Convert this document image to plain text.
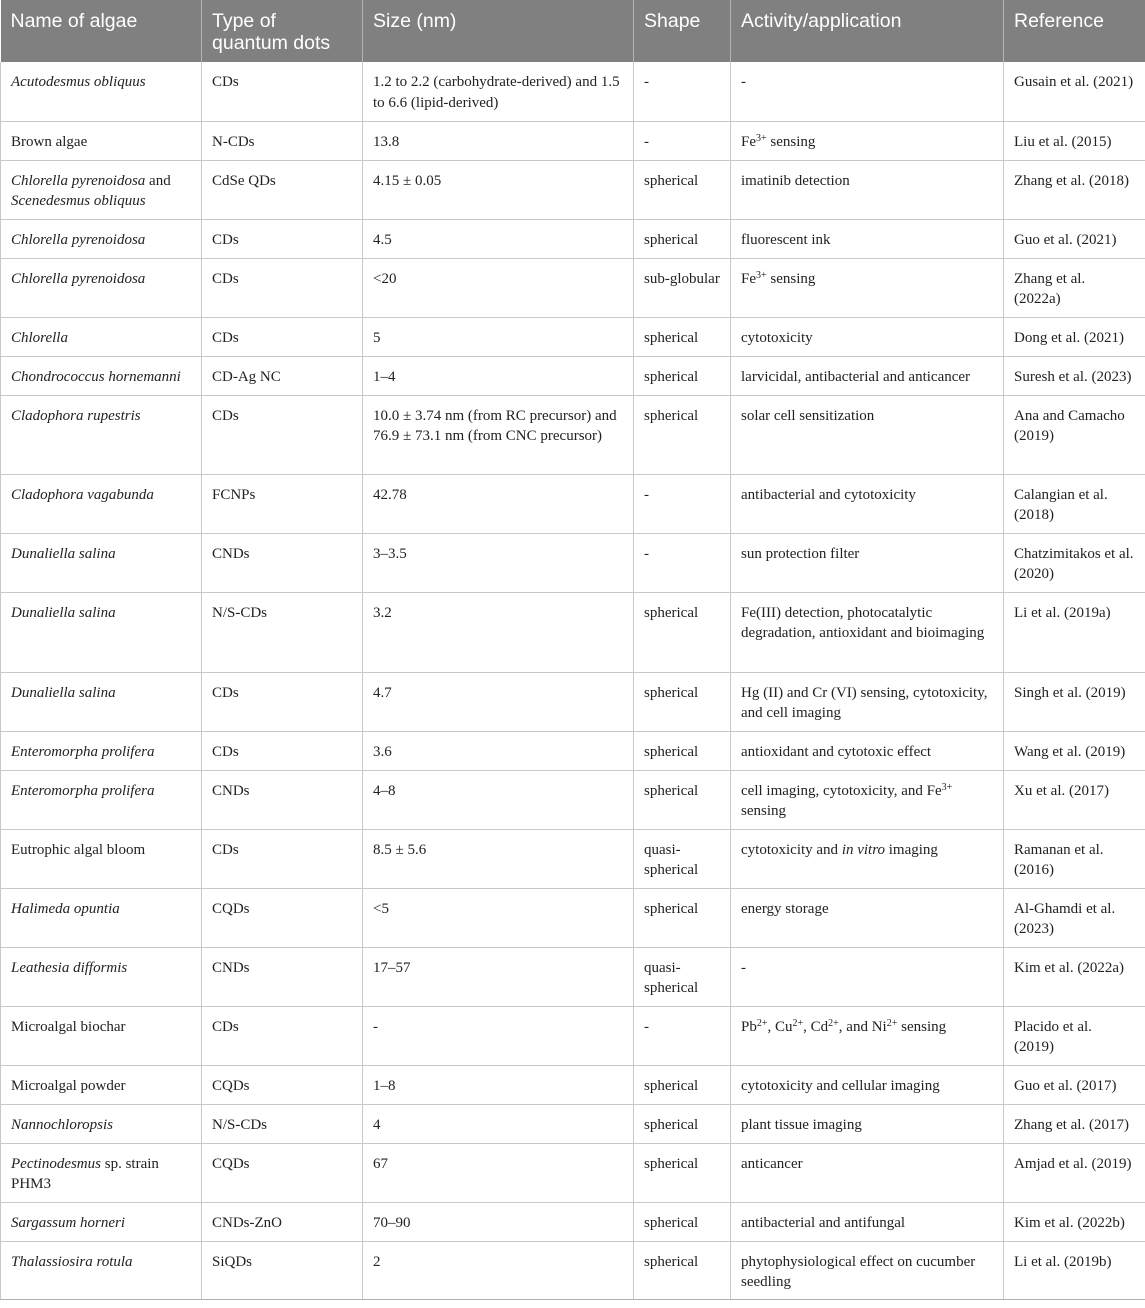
Name of algae	Type of quantum dots	Size (nm)	Shape	Activity/application	Reference
Acutodesmus obliquus	CDs	1.2 to 2.2 (carbohydrate-derived) and 1.5 to 6.6 (lipid-derived)	-	-	Gusain et al. (2021)
Brown algae	N-CDs	13.8	-	$Fe^{3+}$ sensing	Liu et al. (2015)
Chlorella pyrenoidosa and Scenedesmus obliquus	CdSe QDs	4.15 ± 0.05	spherical	imatinib detection	Zhang et al. (2018)
Chlorella pyrenoidosa	CDs	4.5	spherical	fluorescent ink	Guo et al. (2021)
Chlorella pyrenoidosa	CDs	<20	sub-globular	$Fe^{3+}$ sensing	Zhang et al. (2022a)
Chlorella	CDs	5	spherical	cytotoxicity	Dong et al. (2021)
Chondrococcus hornemanni	CD-Ag NC	1–4	spherical	larvicidal, antibacterial and anticancer	Suresh et al. (2023)
Cladophora rupestris	CDs	10.0 ± 3.74 nm (from RC precursor) and 76.9 ± 73.1 nm (from CNC precursor)	spherical	solar cell sensitization	Ana and Camacho (2019)
Cladophora vagabunda	FCNPs	42.78	-	antibacterial and cytotoxicity	Calangian et al. (2018)
Dunaliella salina	CNDs	3–3.5	-	sun protection filter	Chatzimitakos et al. (2020)
Dunaliella salina	N/S-CDs	3.2	spherical	Fe(III) detection, photocatalytic degradation, antioxidant and bioimaging	Li et al. (2019a)
Dunaliella salina	CDs	4.7	spherical	Hg (II) and Cr (VI) sensing, cytotoxicity, and cell imaging	Singh et al. (2019)
Enteromorpha prolifera	CDs	3.6	spherical	antioxidant and cytotoxic effect	Wang et al. (2019)
Enteromorpha prolifera	CNDs	4–8	spherical	cell imaging, cytotoxicity, and $Fe^{3+}$ sensing	Xu et al. (2017)
Eutrophic algal bloom	CDs	8.5 ± 5.6	quasi-spherical	cytotoxicity and in vitro imaging	Ramanan et al. (2016)
Halimeda opuntia	CQDs	<5	spherical	energy storage	Al-Ghamdi et al. (2023)
Leathesia difformis	CNDs	17–57	quasi-spherical	-	Kim et al. (2022a)
Microalgal biochar	CDs	-	-	$Pb^{2+}$, $Cu^{2+}$, $Cd^{2+}$, and $Ni^{2+}$ sensing	Placido et al. (2019)
Microalgal powder	CQDs	1–8	spherical	cytotoxicity and cellular imaging	Guo et al. (2017)
Nannochloropsis	N/S-CDs	4	spherical	plant tissue imaging	Zhang et al. (2017)
Pectinodesmus sp. strain PHM3	CQDs	67	spherical	anticancer	Amjad et al. (2019)
Sargassum horneri	CNDs-ZnO	70–90	spherical	antibacterial and antifungal	Kim et al. (2022b)
Thalassiosira rotula	SiQDs	2	spherical	phytophysiological effect on cucumber seedling	Li et al. (2019b)
